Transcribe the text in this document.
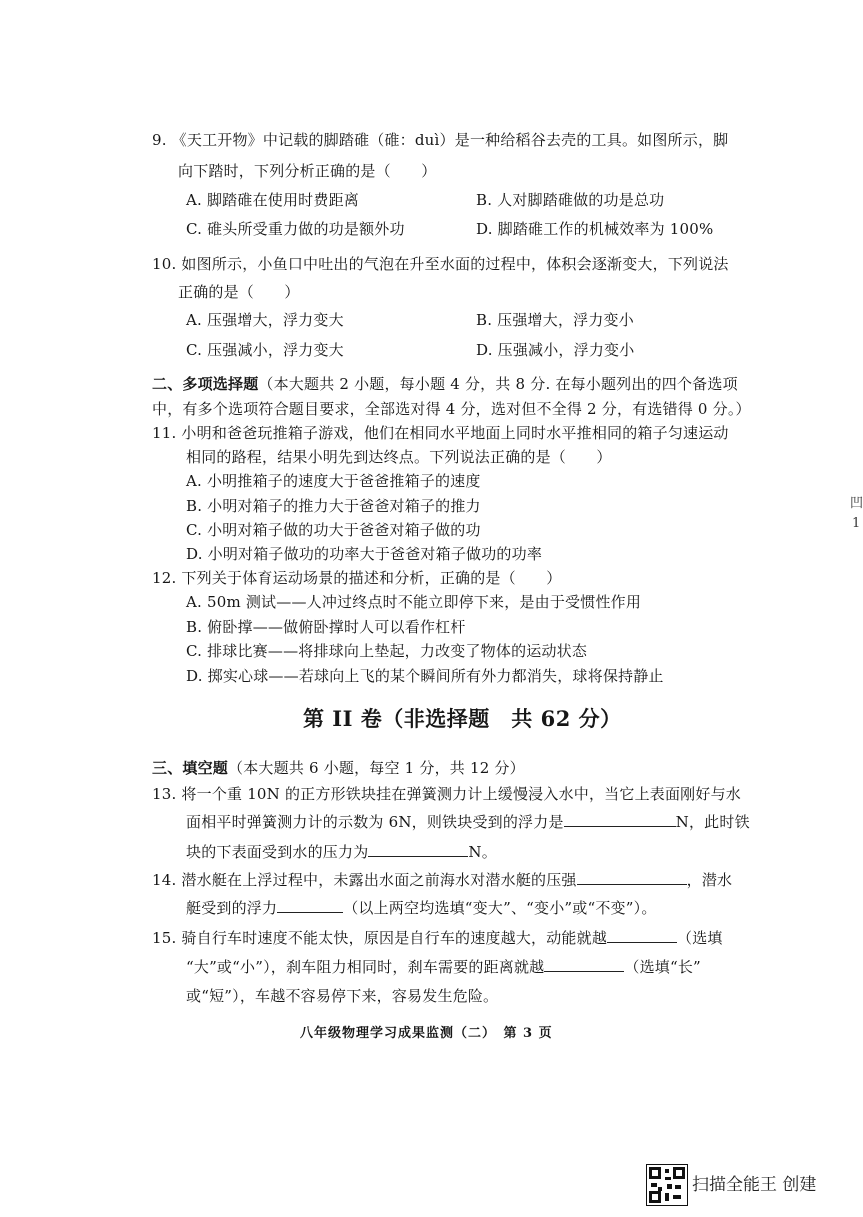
9. 《天工开物》中记载的脚踏碓（碓：duì）是一种给稻谷去壳的工具。如图所示，脚
向下踏时，下列分析正确的是（　　）
A. 脚踏碓在使用时费距离	B. 人对脚踏碓做的功是总功
C. 碓头所受重力做的功是额外功	D. 脚踏碓工作的机械效率为 100%
10. 如图所示，小鱼口中吐出的气泡在升至水面的过程中，体积会逐渐变大，下列说法
正确的是（　　）
A. 压强增大，浮力变大	B. 压强增大，浮力变小
C. 压强减小，浮力变大	D. 压强减小，浮力变小
二、多项选择题（本大题共 2 小题，每小题 4 分，共 8 分. 在每小题列出的四个备选项
中，有多个选项符合题目要求，全部选对得 4 分，选对但不全得 2 分，有选错得 0 分。）
11. 小明和爸爸玩推箱子游戏，他们在相同水平地面上同时水平推相同的箱子匀速运动
相同的路程，结果小明先到达终点。下列说法正确的是（　　）
A. 小明推箱子的速度大于爸爸推箱子的速度
B. 小明对箱子的推力大于爸爸对箱子的推力
C. 小明对箱子做的功大于爸爸对箱子做的功
D. 小明对箱子做功的功率大于爸爸对箱子做功的功率
12. 下列关于体育运动场景的描述和分析，正确的是（　　）
A. 50m 测试——人冲过终点时不能立即停下来，是由于受惯性作用
B. 俯卧撑——做俯卧撑时人可以看作杠杆
C. 排球比赛——将排球向上垫起，力改变了物体的运动状态
D. 掷实心球——若球向上飞的某个瞬间所有外力都消失，球将保持静止
第 II 卷（非选择题　共 62 分）
三、填空题（本大题共 6 小题，每空 1 分，共 12 分）
13. 将一个重 10N 的正方形铁块挂在弹簧测力计上缓慢浸入水中，当它上表面刚好与水
面相平时弹簧测力计的示数为 6N，则铁块受到的浮力是	N，此时铁
块的下表面受到水的压力为	N。
14. 潜水艇在上浮过程中，未露出水面之前海水对潜水艇的压强	，潜水
艇受到的浮力	（以上两空均选填“变大”、“变小”或“不变”）。
15. 骑自行车时速度不能太快，原因是自行车的速度越大，动能就越	（选填
“大”或“小”），刹车阻力相同时，刹车需要的距离就越	（选填“长”
或“短”），车越不容易停下来，容易发生危险。
八年级物理学习成果监测（二）　第 3 页
凹
1
扫描全能王 创建
